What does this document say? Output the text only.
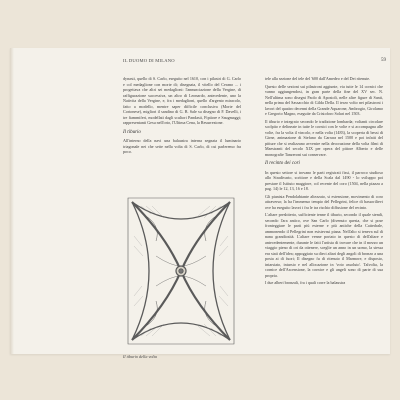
IL DUOMO DI MILANO	59

dynasti, quello di S. Carlo, eseguito nel 1610, con i pilastri di G. Carlo e col medaglione con morte di; disegnata, il vitello del Cerano ... i progettava che altri sei medaglioni: l'annunciazione della Vergine, di raffigurazione successiva, un altro di Leonardo, antecedente, uno la Nativita della Vergine, e, fra i medaglioni, quello d'argento miracolo, fatto a modello, mentre saper difficile conclusiva (Morte del Cortonese), migliori il sandino di G. B. Sale su disegno di F. Davelli, i tre fiammiferi, modellati dagli scultori Pandasti, Fiptiore e Saugmaggi; rappresentanti Gesu nell'orto, l'Ultima Cena, la Resurrezione.

Il tiburio

All'interno della navi una balaustra interna segnata il luminario triagonale nei che sette nella volta di S. Carlo, di cui parleremo fra poco.

Il tiburio della volta

tele alla sezione del tele del '600 dall'Amedeo e del Dei ritenute.

Questo delle sezioni sui pilastroni aggiunte, via tutte le 14 cornici che vanno aggiungendosi, in gran parte della fine del XV sec. N. Nell'ultima sono disegni Paolo di Apostoli, nelle altre figure di Santi, nella prima del Sassacchio di Gilda Della. Il terzo volto nei pilastroni i lavori del quattro decenni della Grande Aquarone, Ambrogio, Girolamo e Gregorio Magno, eseguite da Cristoforo Solari nel 1503.

Il tiburio e integrato secondo le tradizione lombarda; voltanti circolare scolpito e delineate in tutte le cornici con le volte e si accompagna alle volte, fra la volta il vincolo, e nella volta (1483), la scoperta di bessi di Girne, animazione di Stefano da Carrara nel 1500 e poi infatti del pitture che si realizzano avvenire nella decorazione della volta filmi di Maestranti del secolo XIX per opera del pittore Alberto e delle monografie Tanzeroni sui conservare.

Il recinto dei cori

In questo settore si trovano le parti registrati fissi, il parroco studioso allo Stradivario, scrittore e della Scala dal 1490 - lo sviluppo poi prestare il Istituto maggiore, col recente del coro (1504, nella piazza a pag. 14) le 12, 13, 16 e 18.

Gli pianista Pendolabtante altezzato, si estensione, movimento di coro attraverso; la ha l'immenso tempio del Pellegrini, felice di bassorilievi ove ha eseguito lavori i fra le tra rischio diffusione del recinto.

L'altare presbiterio, sufficiente tenne il tiburio, secondo il quale stendi, secondo l'ara antico, ove San Carlo (divenuto questa, che si pose fronteggiare le parti più esterne e piú antiche della Cattedrale, ammonendo il Pellegrini non esistevasi piana. Nell'alto si teneva sul di nana grandiosità. L'altare venne portato in questo di dell'altare e antecedentemente, durante le fatti l'artista di trovare che in il mezzo un viaggio pieno di ori da ottenere, sceglie un anno in un uomo, la stessa era stati dell'idea; appoggiato su dieci altari degli angoli di bronzo a una posta ai di fuori; Il disegno fu di ritenuto il Marmore, e disposto, intarsiato, intarsio e nel allocazione in 'voto assoluto'. Talvolta, la cornice dell'Ascensione, la cornice e gli angeli sono di parte di sua propria.

I due alberi bronzali, fra i quali corre la balaustra
